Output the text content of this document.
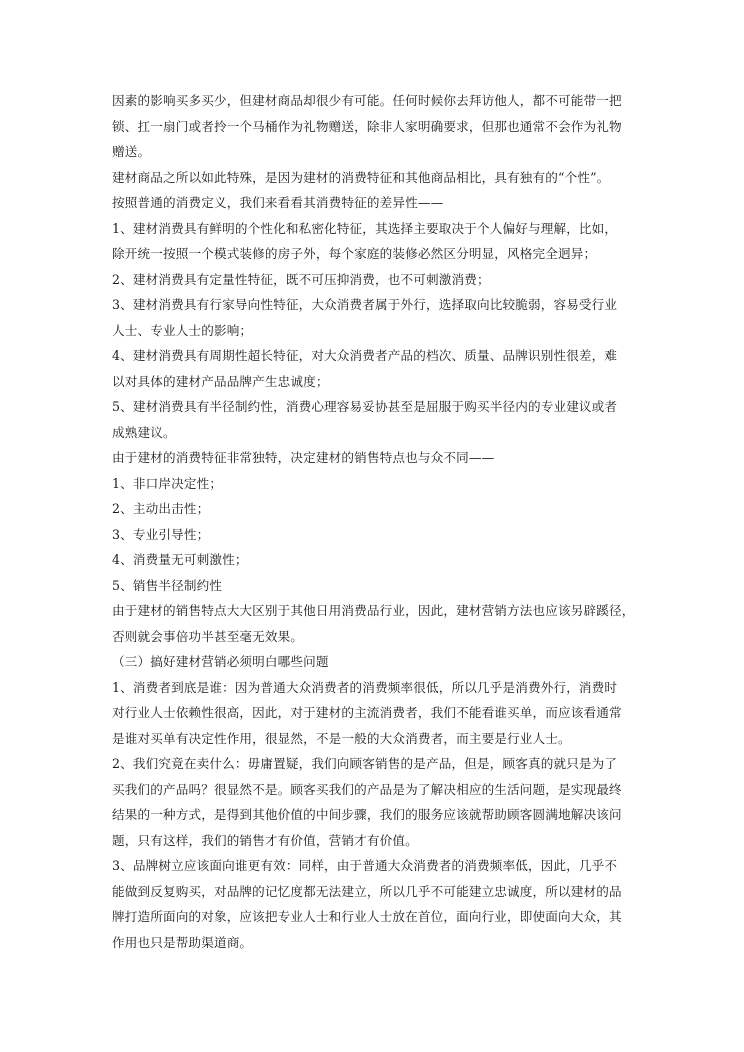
因素的影响买多买少，但建材商品却很少有可能。任何时候你去拜访他人，都不可能带一把
锁、扛一扇门或者拎一个马桶作为礼物赠送，除非人家明确要求，但那也通常不会作为礼物
赠送。
建材商品之所以如此特殊，是因为建材的消费特征和其他商品相比，具有独有的“个性”。
按照普通的消费定义，我们来看看其消费特征的差异性——
1、建材消费具有鲜明的个性化和私密化特征，其选择主要取决于个人偏好与理解，比如，
除开统一按照一个模式装修的房子外，每个家庭的装修必然区分明显，风格完全迥异；
2、建材消费具有定量性特征，既不可压抑消费，也不可刺激消费；
3、建材消费具有行家导向性特征，大众消费者属于外行，选择取向比较脆弱，容易受行业
人士、专业人士的影响；
4、建材消费具有周期性超长特征，对大众消费者产品的档次、质量、品牌识别性很差，难
以对具体的建材产品品牌产生忠诚度；
5、建材消费具有半径制约性，消费心理容易妥协甚至是屈服于购买半径内的专业建议或者
成熟建议。
由于建材的消费特征非常独特，决定建材的销售特点也与众不同——
1、非口岸决定性；
2、主动出击性；
3、专业引导性；
4、消费量无可刺激性；
5、销售半径制约性
由于建材的销售特点大大区别于其他日用消费品行业，因此，建材营销方法也应该另辟蹊径，
否则就会事倍功半甚至毫无效果。
（三）搞好建材营销必须明白哪些问题
1、消费者到底是谁：因为普通大众消费者的消费频率很低，所以几乎是消费外行，消费时
对行业人士依赖性很高，因此，对于建材的主流消费者，我们不能看谁买单，而应该看通常
是谁对买单有决定性作用，很显然，不是一般的大众消费者，而主要是行业人士。
2、我们究竟在卖什么：毋庸置疑，我们向顾客销售的是产品，但是，顾客真的就只是为了
买我们的产品吗？很显然不是。顾客买我们的产品是为了解决相应的生活问题，是实现最终
结果的一种方式，是得到其他价值的中间步骤，我们的服务应该就帮助顾客圆满地解决该问
题，只有这样，我们的销售才有价值，营销才有价值。
3、品牌树立应该面向谁更有效：同样，由于普通大众消费者的消费频率低，因此，几乎不
能做到反复购买，对品牌的记忆度都无法建立，所以几乎不可能建立忠诚度，所以建材的品
牌打造所面向的对象，应该把专业人士和行业人士放在首位，面向行业，即使面向大众，其
作用也只是帮助渠道商。
